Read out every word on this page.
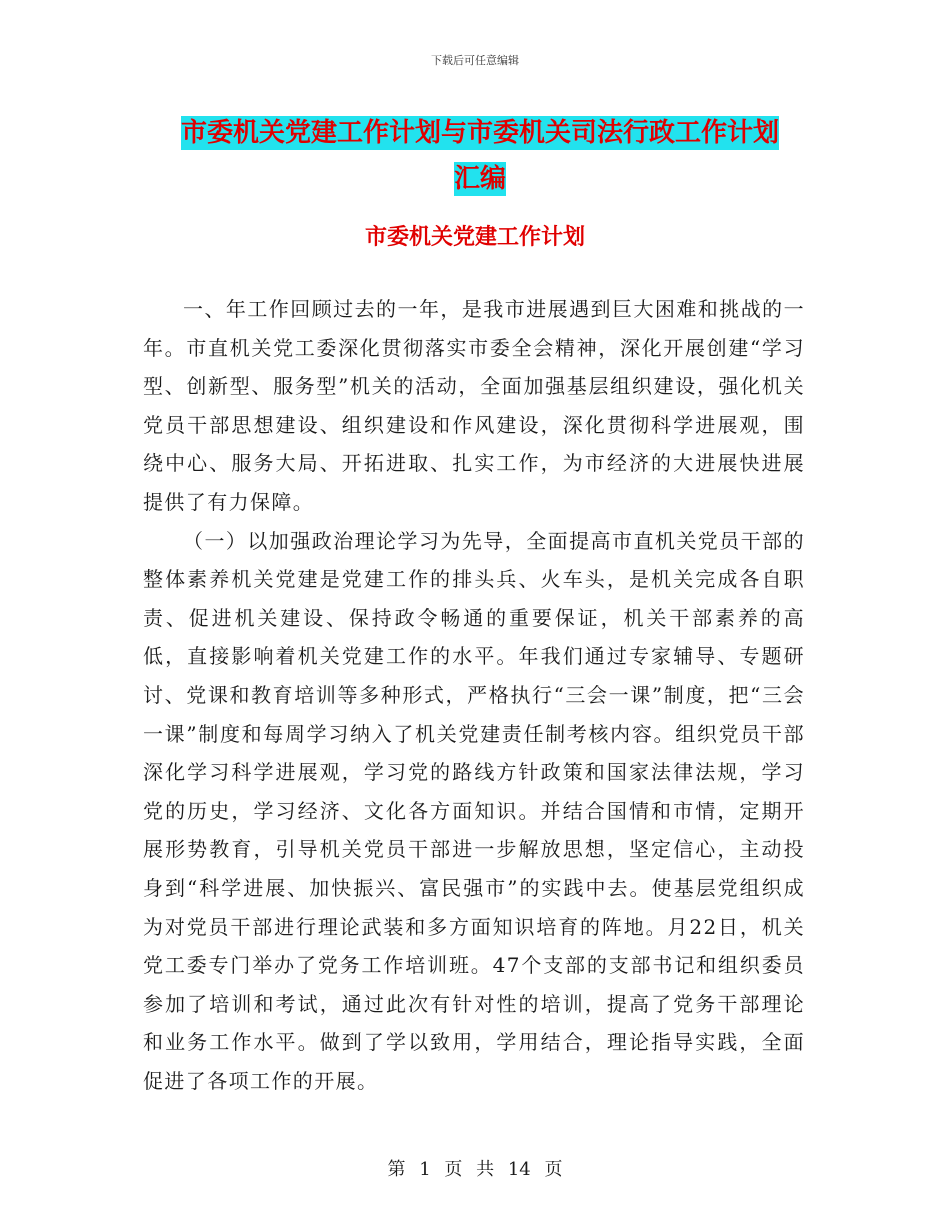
下载后可任意编辑
市委机关党建工作计划与市委机关司法行政工作计划
汇编
市委机关党建工作计划

一、年工作回顾过去的一年，是我市进展遇到巨大困难和挑战的一年。市直机关党工委深化贯彻落实市委全会精神，深化开展创建“学习型、创新型、服务型”机关的活动，全面加强基层组织建设，强化机关党员干部思想建设、组织建设和作风建设，深化贯彻科学进展观，围绕中心、服务大局、开拓进取、扎实工作，为市经济的大进展快进展提供了有力保障。

（一）以加强政治理论学习为先导，全面提高市直机关党员干部的整体素养机关党建是党建工作的排头兵、火车头，是机关完成各自职责、促进机关建设、保持政令畅通的重要保证，机关干部素养的高低，直接影响着机关党建工作的水平。年我们通过专家辅导、专题研讨、党课和教育培训等多种形式，严格执行“三会一课”制度，把“三会一课”制度和每周学习纳入了机关党建责任制考核内容。组织党员干部深化学习科学进展观，学习党的路线方针政策和国家法律法规，学习党的历史，学习经济、文化各方面知识。并结合国情和市情，定期开展形势教育，引导机关党员干部进一步解放思想，坚定信心，主动投身到“科学进展、加快振兴、富民强市”的实践中去。使基层党组织成为对党员干部进行理论武装和多方面知识培育的阵地。月22日，机关党工委专门举办了党务工作培训班。47个支部的支部书记和组织委员参加了培训和考试，通过此次有针对性的培训，提高了党务干部理论和业务工作水平。做到了学以致用，学用结合，理论指导实践，全面促进了各项工作的开展。

第 1 页 共 14 页
